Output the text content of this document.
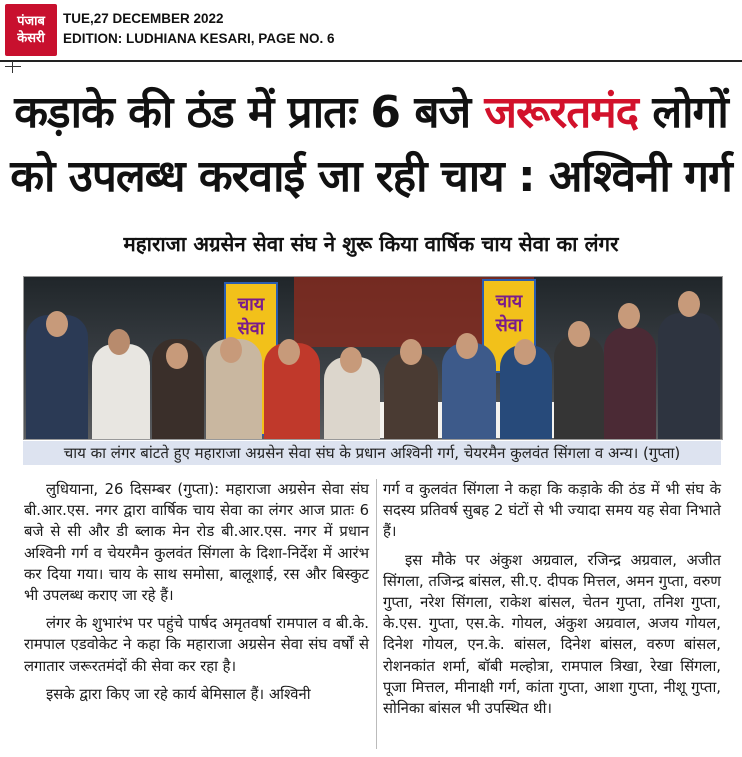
पंजाब
केसरी
TUE,27 DECEMBER 2022
EDITION: LUDHIANA KESARI, PAGE NO. 6
कड़ाके की ठंड में प्रातः 6 बजे जरूरतमंद लोगों
को उपलब्ध करवाई जा रही चाय : अश्विनी गर्ग
महाराजा अग्रसेन सेवा संघ ने शुरू किया वार्षिक चाय सेवा का लंगर
चाय सेवा
चाय सेवा
चाय का लंगर बांटते हुए महाराजा अग्रसेन सेवा संघ के प्रधान अश्विनी गर्ग, चेयरमैन कुलवंत सिंगला व अन्य। (गुप्ता)

लुधियाना, 26 दिसम्बर (गुप्ता): महाराजा अग्रसेन सेवा संघ बी.आर.एस. नगर द्वारा वार्षिक चाय सेवा का लंगर आज प्रातः 6 बजे से सी और डी ब्लाक मेन रोड बी.आर.एस. नगर में प्रधान अश्विनी गर्ग व चेयरमैन कुलवंत सिंगला के दिशा-निर्देश में आरंभ कर दिया गया। चाय के साथ समोसा, बालूशाई, रस और बिस्कुट भी उपलब्ध कराए जा रहे हैं।

लंगर के शुभारंभ पर पहुंचे पार्षद अमृतवर्षा रामपाल व बी.के. रामपाल एडवोकेट ने कहा कि महाराजा अग्रसेन सेवा संघ वर्षों से लगातार जरूरतमंदों की सेवा कर रहा है।

इसके द्वारा किए जा रहे कार्य बेमिसाल हैं। अश्विनी

गर्ग व कुलवंत सिंगला ने कहा कि कड़ाके की ठंड में भी संघ के सदस्य प्रतिवर्ष सुबह 2 घंटों से भी ज्यादा समय यह सेवा निभाते हैं।

इस मौके पर अंकुश अग्रवाल, रजिन्द्र अग्रवाल, अजीत सिंगला, तजिन्द्र बांसल, सी.ए. दीपक मित्तल, अमन गुप्ता, वरुण गुप्ता, नरेश सिंगला, राकेश बांसल, चेतन गुप्ता, तनिश गुप्ता, के.एस. गुप्ता, एस.के. गोयल, अंकुश अग्रवाल, अजय गोयल, दिनेश गोयल, एन.के. बांसल, दिनेश बांसल, वरुण बांसल, रोशनकांत शर्मा, बॉबी मल्होत्रा, रामपाल त्रिखा, रेखा सिंगला, पूजा मित्तल, मीनाक्षी गर्ग, कांता गुप्ता, आशा गुप्ता, नीशू गुप्ता, सोनिका बांसल भी उपस्थित थी।
